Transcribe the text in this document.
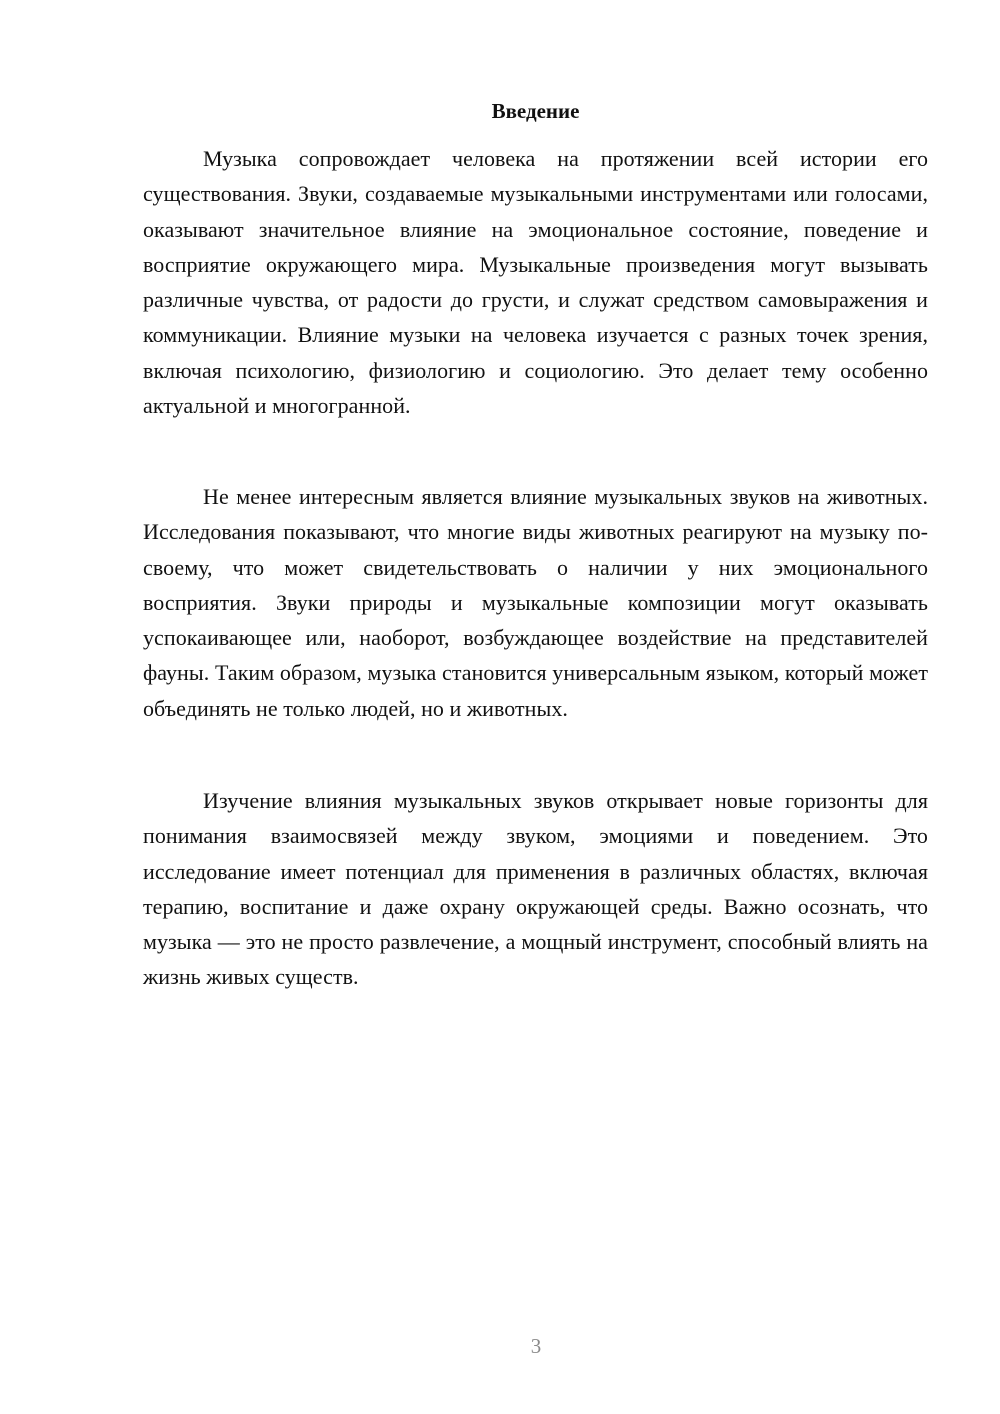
Введение

Музыка сопровождает человека на протяжении всей истории его существования. Звуки, создаваемые музыкальными инструментами или голосами, оказывают значительное влияние на эмоциональное состояние, поведение и восприятие окружающего мира. Музыкальные произведения могут вызывать различные чувства, от радости до грусти, и служат средством самовыражения и коммуникации. Влияние музыки на человека изучается с разных точек зрения, включая психологию, физиологию и социологию. Это делает тему особенно актуальной и многогранной.

Не менее интересным является влияние музыкальных звуков на животных. Исследования показывают, что многие виды животных реагируют на музыку по-своему, что может свидетельствовать о наличии у них эмоционального восприятия. Звуки природы и музыкальные композиции могут оказывать успокаивающее или, наоборот, возбуждающее воздействие на представителей фауны. Таким образом, музыка становится универсальным языком, который может объединять не только людей, но и животных.

Изучение влияния музыкальных звуков открывает новые горизонты для понимания взаимосвязей между звуком, эмоциями и поведением. Это исследование имеет потенциал для применения в различных областях, включая терапию, воспитание и даже охрану окружающей среды. Важно осознать, что музыка — это не просто развлечение, а мощный инструмент, способный влиять на жизнь живых существ.

3
